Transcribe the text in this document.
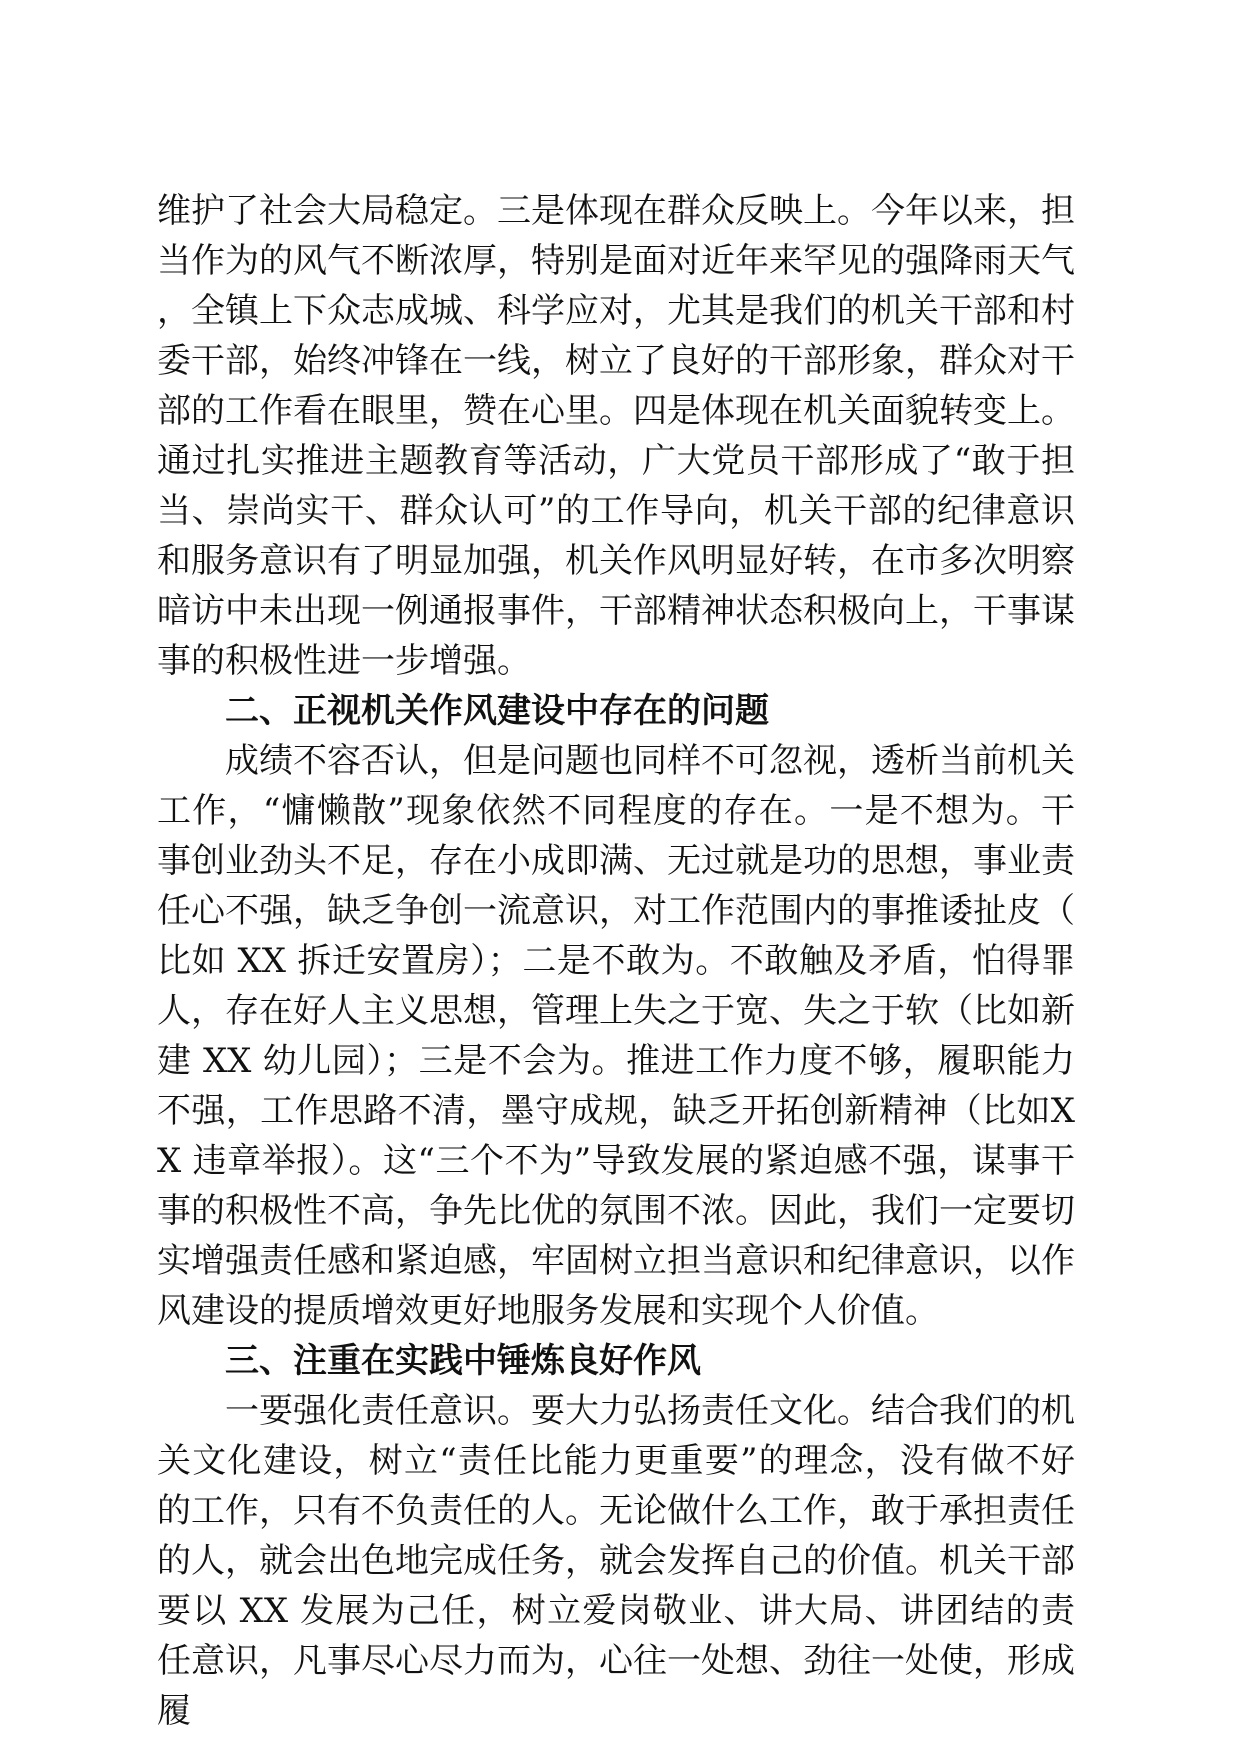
维护了社会大局稳定。三是体现在群众反映上。今年以来，担当作为的风气不断浓厚，特别是面对近年来罕见的强降雨天气，全镇上下众志成城、科学应对，尤其是我们的机关干部和村委干部，始终冲锋在一线，树立了良好的干部形象，群众对干部的工作看在眼里，赞在心里。四是体现在机关面貌转变上。通过扎实推进主题教育等活动，广大党员干部形成了“敢于担当、崇尚实干、群众认可”的工作导向，机关干部的纪律意识和服务意识有了明显加强，机关作风明显好转，在市多次明察暗访中未出现一例通报事件，干部精神状态积极向上，干事谋事的积极性进一步增强。

二、正视机关作风建设中存在的问题

成绩不容否认，但是问题也同样不可忽视，透析当前机关工作，“慵懒散”现象依然不同程度的存在。一是不想为。干事创业劲头不足，存在小成即满、无过就是功的思想，事业责任心不强，缺乏争创一流意识，对工作范围内的事推诿扯皮（比如 XX 拆迁安置房）；二是不敢为。不敢触及矛盾，怕得罪人，存在好人主义思想，管理上失之于宽、失之于软（比如新建 XX 幼儿园）；三是不会为。推进工作力度不够，履职能力不强，工作思路不清，墨守成规，缺乏开拓创新精神（比如XX 违章举报）。这“三个不为”导致发展的紧迫感不强，谋事干事的积极性不高，争先比优的氛围不浓。因此，我们一定要切实增强责任感和紧迫感，牢固树立担当意识和纪律意识，以作风建设的提质增效更好地服务发展和实现个人价值。

三、注重在实践中锤炼良好作风

一要强化责任意识。要大力弘扬责任文化。结合我们的机关文化建设，树立“责任比能力更重要”的理念，没有做不好的工作，只有不负责任的人。无论做什么工作，敢于承担责任的人，就会出色地完成任务，就会发挥自己的价值。机关干部要以 XX 发展为己任，树立爱岗敬业、讲大局、讲团结的责任意识，凡事尽心尽力而为，心往一处想、劲往一处使，形成履
